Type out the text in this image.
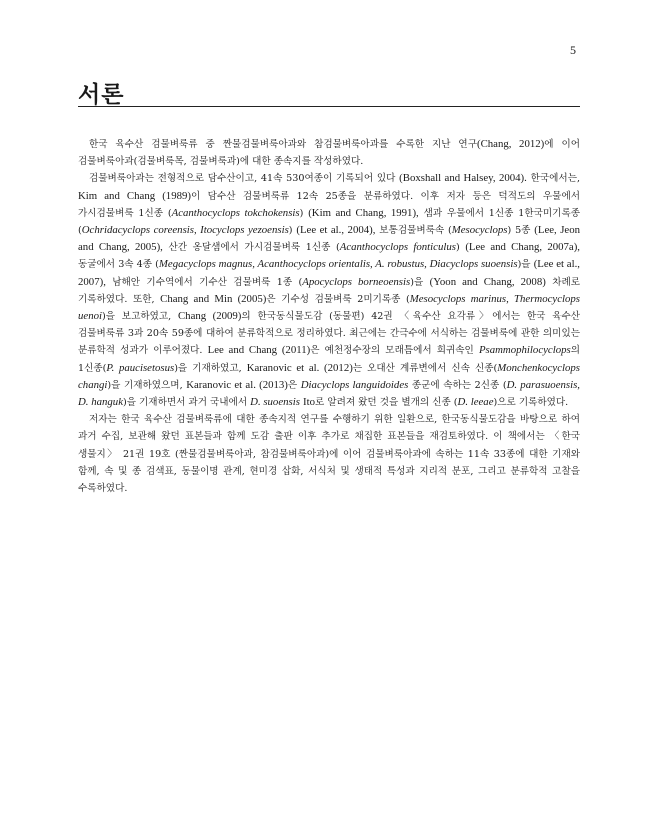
5
서론

한국 육수산 검물벼룩류 중 짠물검물벼룩아과와 참검물벼룩아과를 수록한 지난 연구(Chang, 2012)에 이어 검물벼룩아과(검물벼룩목, 검물벼룩과)에 대한 종속지를 작성하였다.

검물벼룩아과는 전형적으로 담수산이고, 41속 530여종이 기록되어 있다 (Boxshall and Halsey, 2004). 한국에서는, Kim and Chang (1989)이 담수산 검물벼룩류 12속 25종을 분류하였다. 이후 저자 등은 덕적도의 우물에서 가시검물벼룩 1신종 (Acanthocyclops tokchokensis) (Kim and Chang, 1991), 샘과 우물에서 1신종 1한국미기록종 (Ochridacyclops coreensis, Itocyclops yezoensis) (Lee et al., 2004), 보통검물벼룩속 (Mesocyclops) 5종 (Lee, Jeon and Chang, 2005), 산간 옹달샘에서 가시검물벼룩 1신종 (Acanthocyclops fonticulus) (Lee and Chang, 2007a), 동굴에서 3속 4종 (Megacyclops magnus, Acanthocyclops orientalis, A. robustus, Diacyclops suoensis)을 (Lee et al., 2007), 남해안 기수역에서 기수산 검물벼룩 1종 (Apocyclops borneoensis)을 (Yoon and Chang, 2008) 차례로 기록하였다. 또한, Chang and Min (2005)은 기수성 검물벼룩 2미기록종 (Mesocyclops marinus, Thermocyclops uenoi)을 보고하였고, Chang (2009)의 한국동식물도감 (동물편) 42권 〈육수산 요각류〉에서는 한국 육수산 검물벼룩류 3과 20속 59종에 대하여 분류학적으로 정리하였다. 최근에는 간극수에 서식하는 검물벼룩에 관한 의미있는 분류학적 성과가 이루어졌다. Lee and Chang (2011)은 예천정수장의 모래틈에서 희귀속인 Psammophilocyclops의 1신종(P. paucisetosus)을 기재하였고, Karanovic et al. (2012)는 오대산 계류변에서 신속 신종(Monchenkocyclops changi)을 기재하였으며, Karanovic et al. (2013)은 Diacyclops languidoides 종군에 속하는 2신종 (D. parasuoensis, D. hanguk)을 기재하면서 과거 국내에서 D. suoensis Ito로 알려져 왔던 것을 별개의 신종 (D. leeae)으로 기록하였다.

저자는 한국 육수산 검물벼룩류에 대한 종속지적 연구를 수행하기 위한 일환으로, 한국동식물도감을 바탕으로 하여 과거 수집, 보관해 왔던 표본들과 함께 도감 출판 이후 추가로 채집한 표본들을 재검토하였다. 이 책에서는 〈한국 생물지〉 21권 19호 (짠물검물벼룩아과, 참검물벼룩아과)에 이어 검물벼룩아과에 속하는 11속 33종에 대한 기재와 함께, 속 및 종 검색표, 동물이명 관계, 현미경 삽화, 서식처 및 생태적 특성과 지리적 분포, 그리고 분류학적 고찰을 수록하였다.
